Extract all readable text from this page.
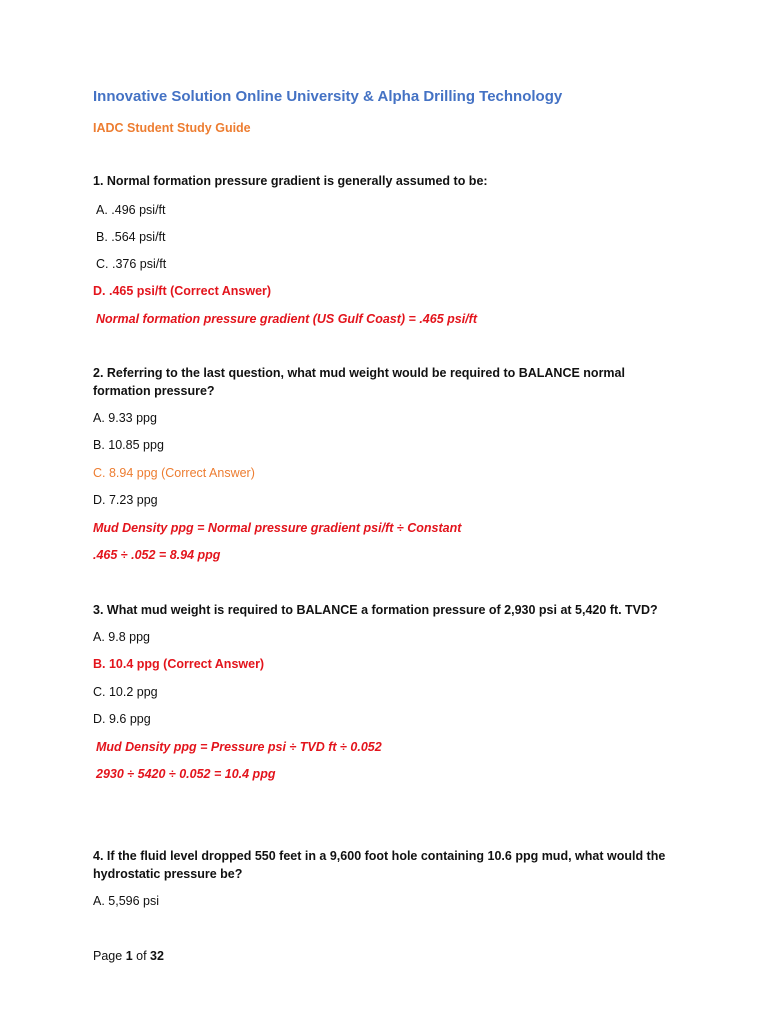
Innovative Solution Online University & Alpha Drilling Technology
IADC Student Study Guide
1. Normal formation pressure gradient is generally assumed to be:
A. .496 psi/ft
B. .564 psi/ft
C. .376 psi/ft
D. .465 psi/ft (Correct Answer)
Normal formation pressure gradient (US Gulf Coast) = .465 psi/ft
2. Referring to the last question, what mud weight would be required to BALANCE normal
formation pressure?
A. 9.33 ppg
B. 10.85 ppg
C. 8.94 ppg (Correct Answer)
D. 7.23 ppg
Mud Density ppg = Normal pressure gradient psi/ft ÷ Constant
.465 ÷ .052 = 8.94 ppg
3. What mud weight is required to BALANCE a formation pressure of 2,930 psi at 5,420 ft. TVD?
A. 9.8 ppg
B. 10.4 ppg (Correct Answer)
C. 10.2 ppg
D. 9.6 ppg
Mud Density ppg = Pressure psi ÷ TVD ft ÷ 0.052
2930 ÷ 5420 ÷ 0.052 = 10.4 ppg
4. If the fluid level dropped 550 feet in a 9,600 foot hole containing 10.6 ppg mud, what would the
hydrostatic pressure be?
A. 5,596 psi
Page 1 of 32
